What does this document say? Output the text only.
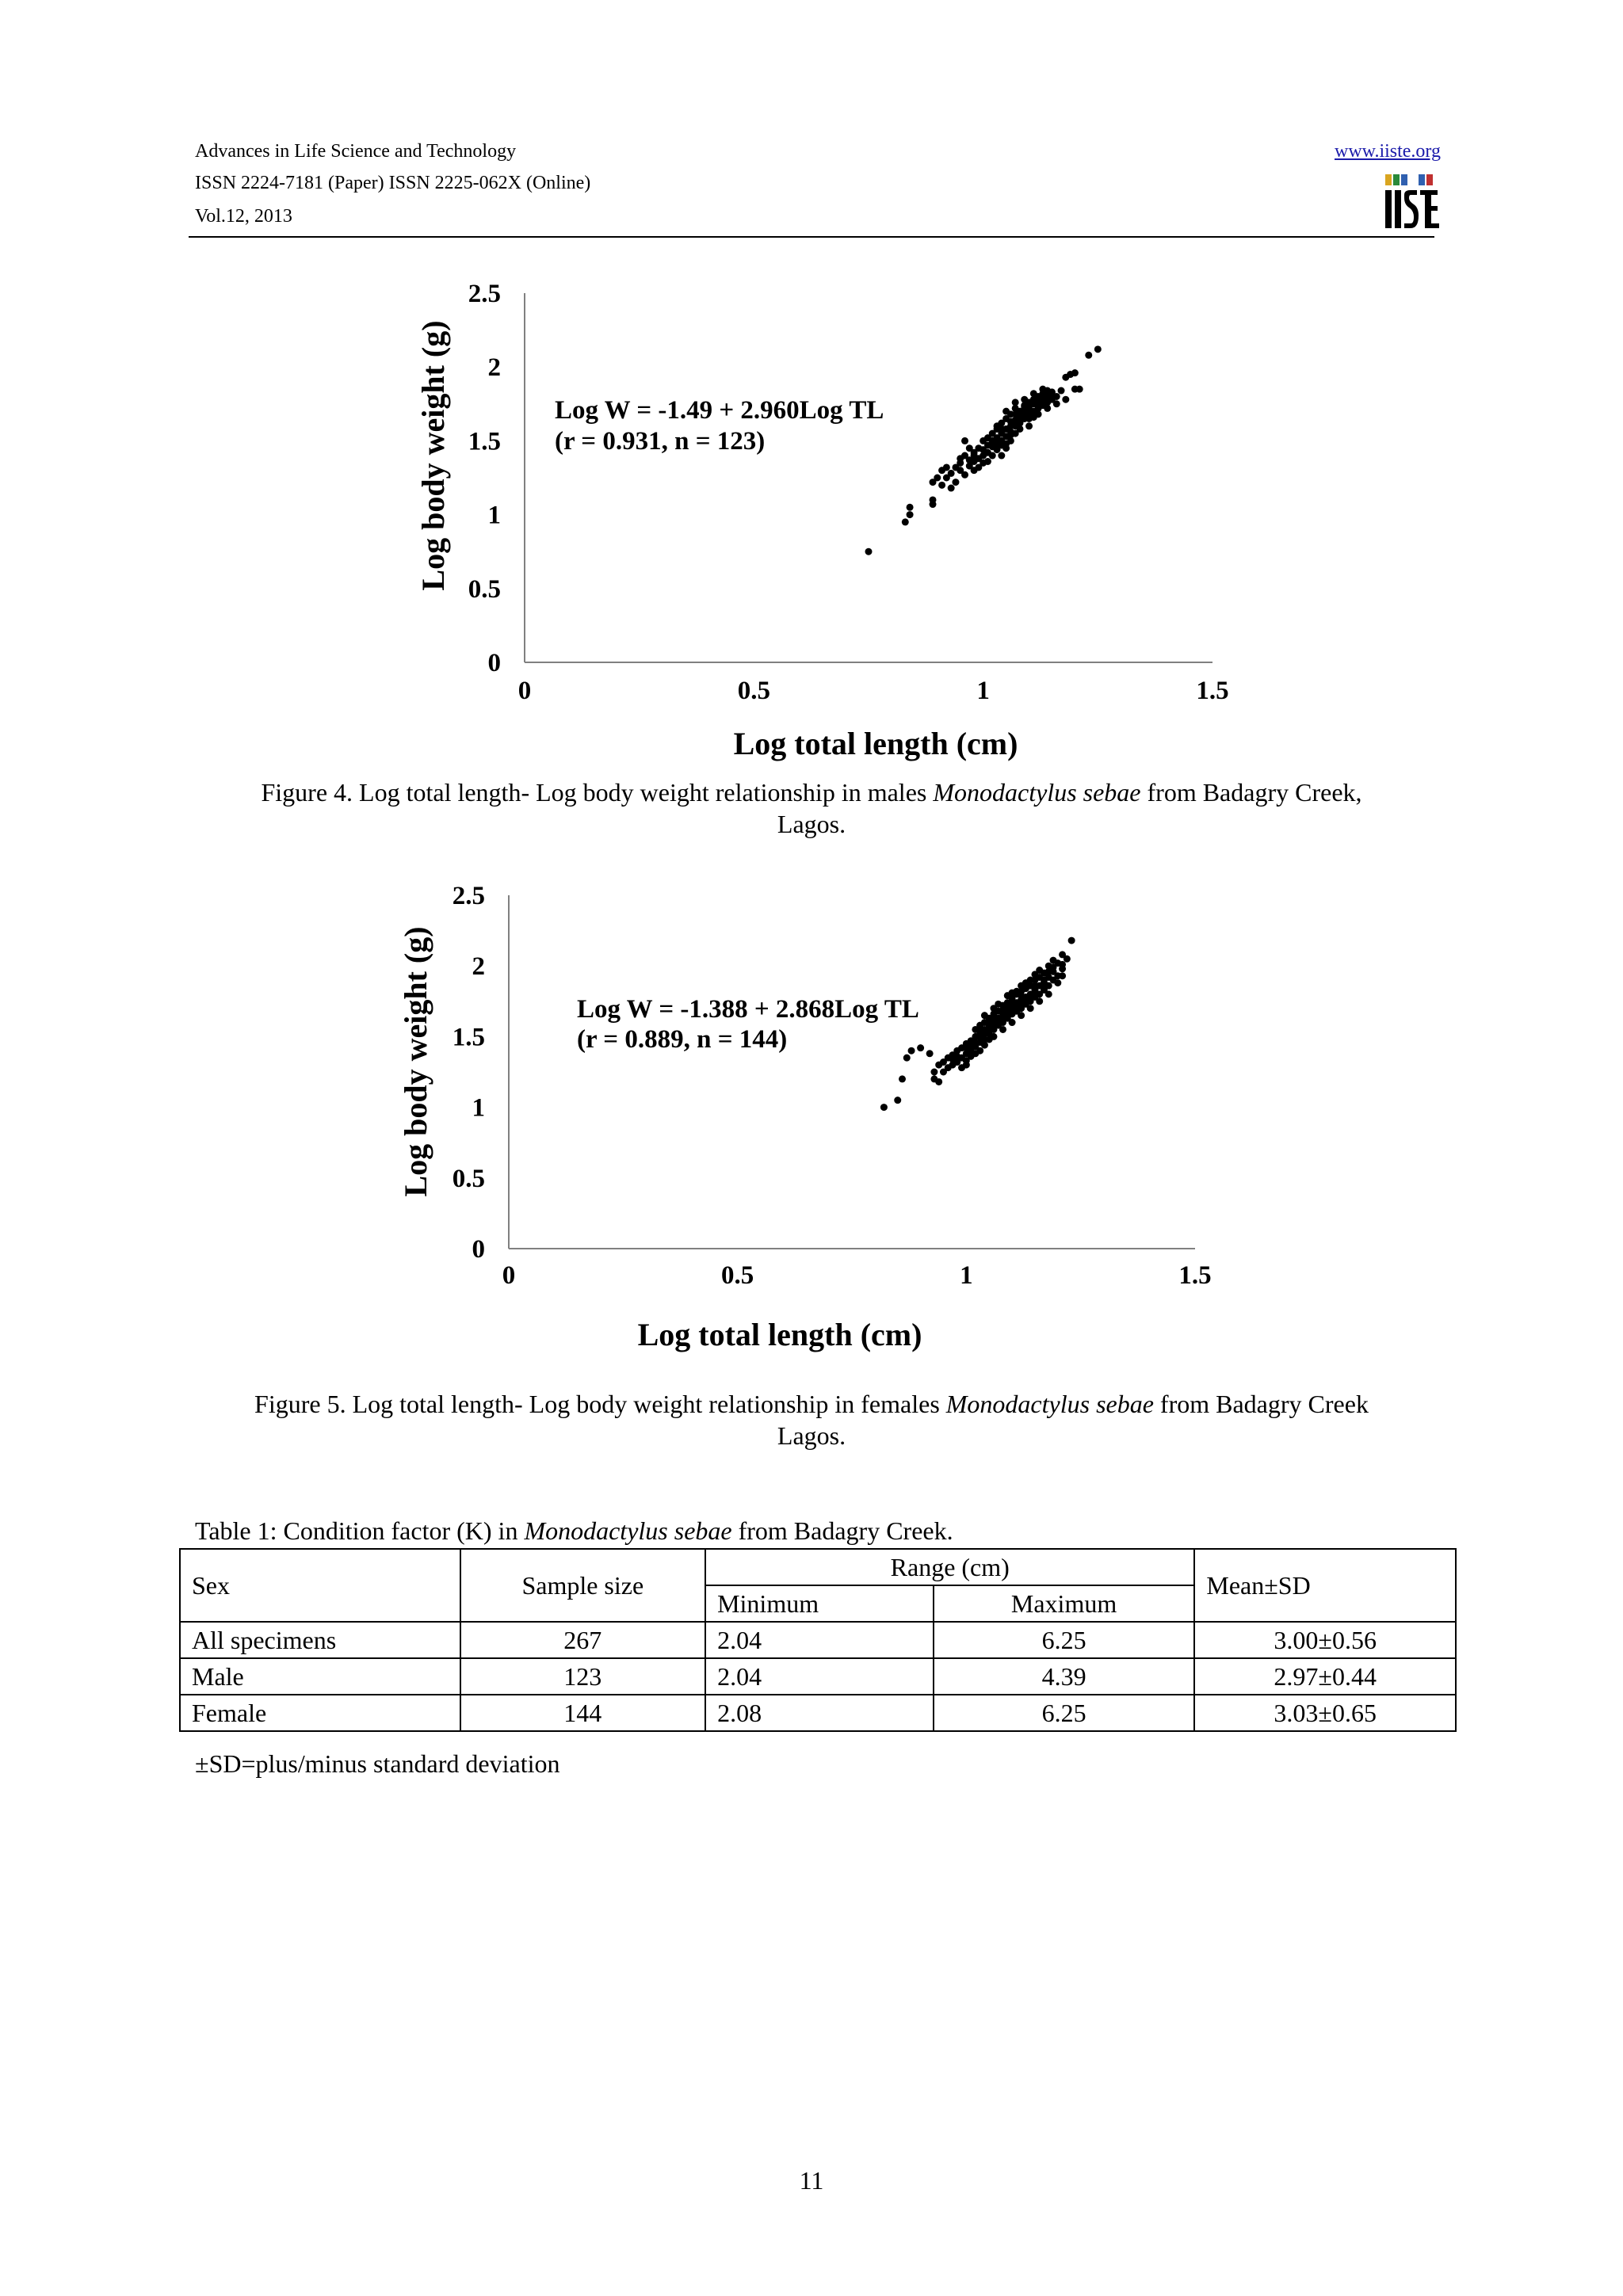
Advances in Life Science and Technology
ISSN 2224-7181 (Paper) ISSN 2225-062X (Online)
Vol.12, 2013
www.iiste.org
0	0.5	1	1.5
0
0.5
1
1.5
2
2.5
Log body weight (g)
Log total length (cm)
Log W = -1.49 + 2.960Log TL
(r = 0.931, n = 123)
Figure 4. Log total length- Log body weight relationship in males Monodactylus sebae from Badagry Creek,
Lagos.
0	0.5	1	1.5
0
0.5
1
1.5
2
2.5
Log body weight (g)
Log total length (cm)
Log W = -1.388 + 2.868Log TL
(r = 0.889, n = 144)
Figure 5. Log total length- Log body weight relationship in females Monodactylus sebae from Badagry Creek
Lagos.
Table 1: Condition factor (K) in Monodactylus sebae from Badagry Creek.
Sex	Sample size	Range (cm)		Mean±SD
		Minimum	Maximum	
All specimens	267	2.04	6.25	3.00±0.56
Male	123	2.04	4.39	2.97±0.44
Female	144	2.08	6.25	3.03±0.65
±SD=plus/minus standard deviation
11
